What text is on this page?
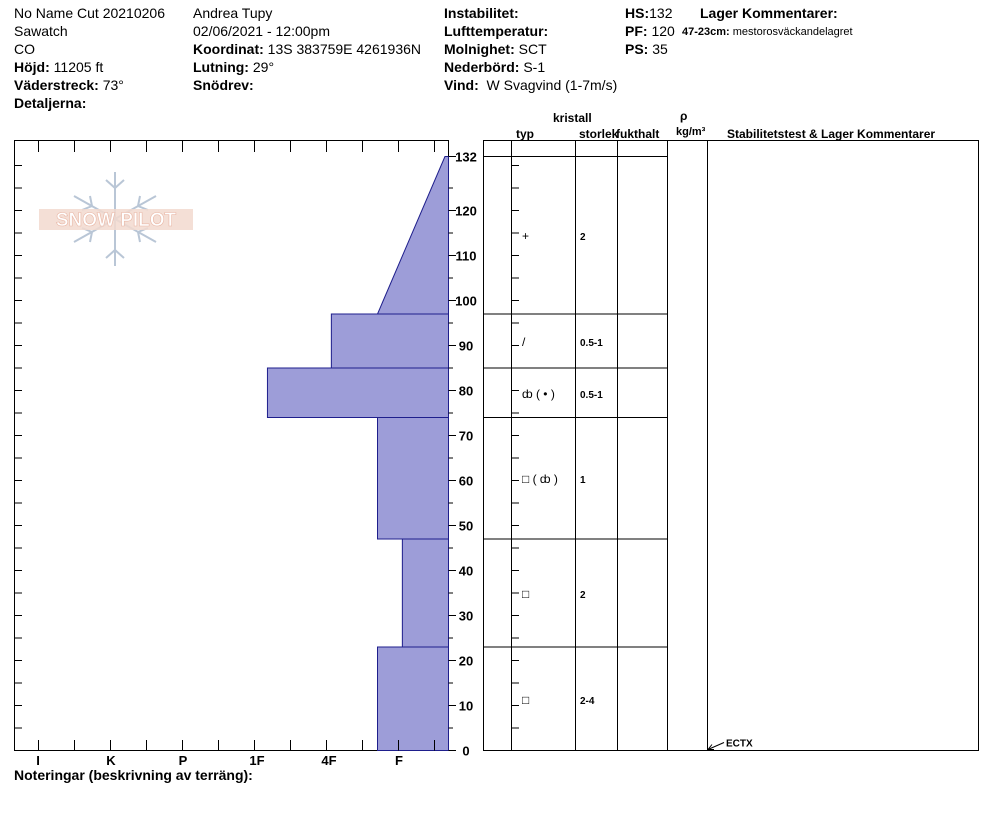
No Name Cut 20210206
Sawatch
CO
Höjd: 11205 ft
Väderstreck: 73°
Detaljerna:
Andrea Tupy
02/06/2021 - 12:00pm
Koordinat: 13S 383759E 4261936N
Lutning: 29°
Snödrev:
Instabilitet:
Lufttemperatur:
Molnighet: SCT
Nederbörd: S-1
Vind: W Svagvind (1-7m/s)
HS:132
PF: 120
PS: 35
Lager Kommentarer:
47-23cm: mestorosväckandelagret
kristall
typ	storlek
fukthalt
ρ
kg/m³ Stabilitetstest & Lager Kommentarer
Noteringar (beskrivning av terräng):
SNOW PILOT
I	K	P	1F	4F	F
0
10
20
30
40
50
60
70
80
90
100
110
120
132
+	2
/	0.5-1
ȸ ( • )	0.5-1
□ ( ȸ ) 1
□	2
□	2-4
ECTX
